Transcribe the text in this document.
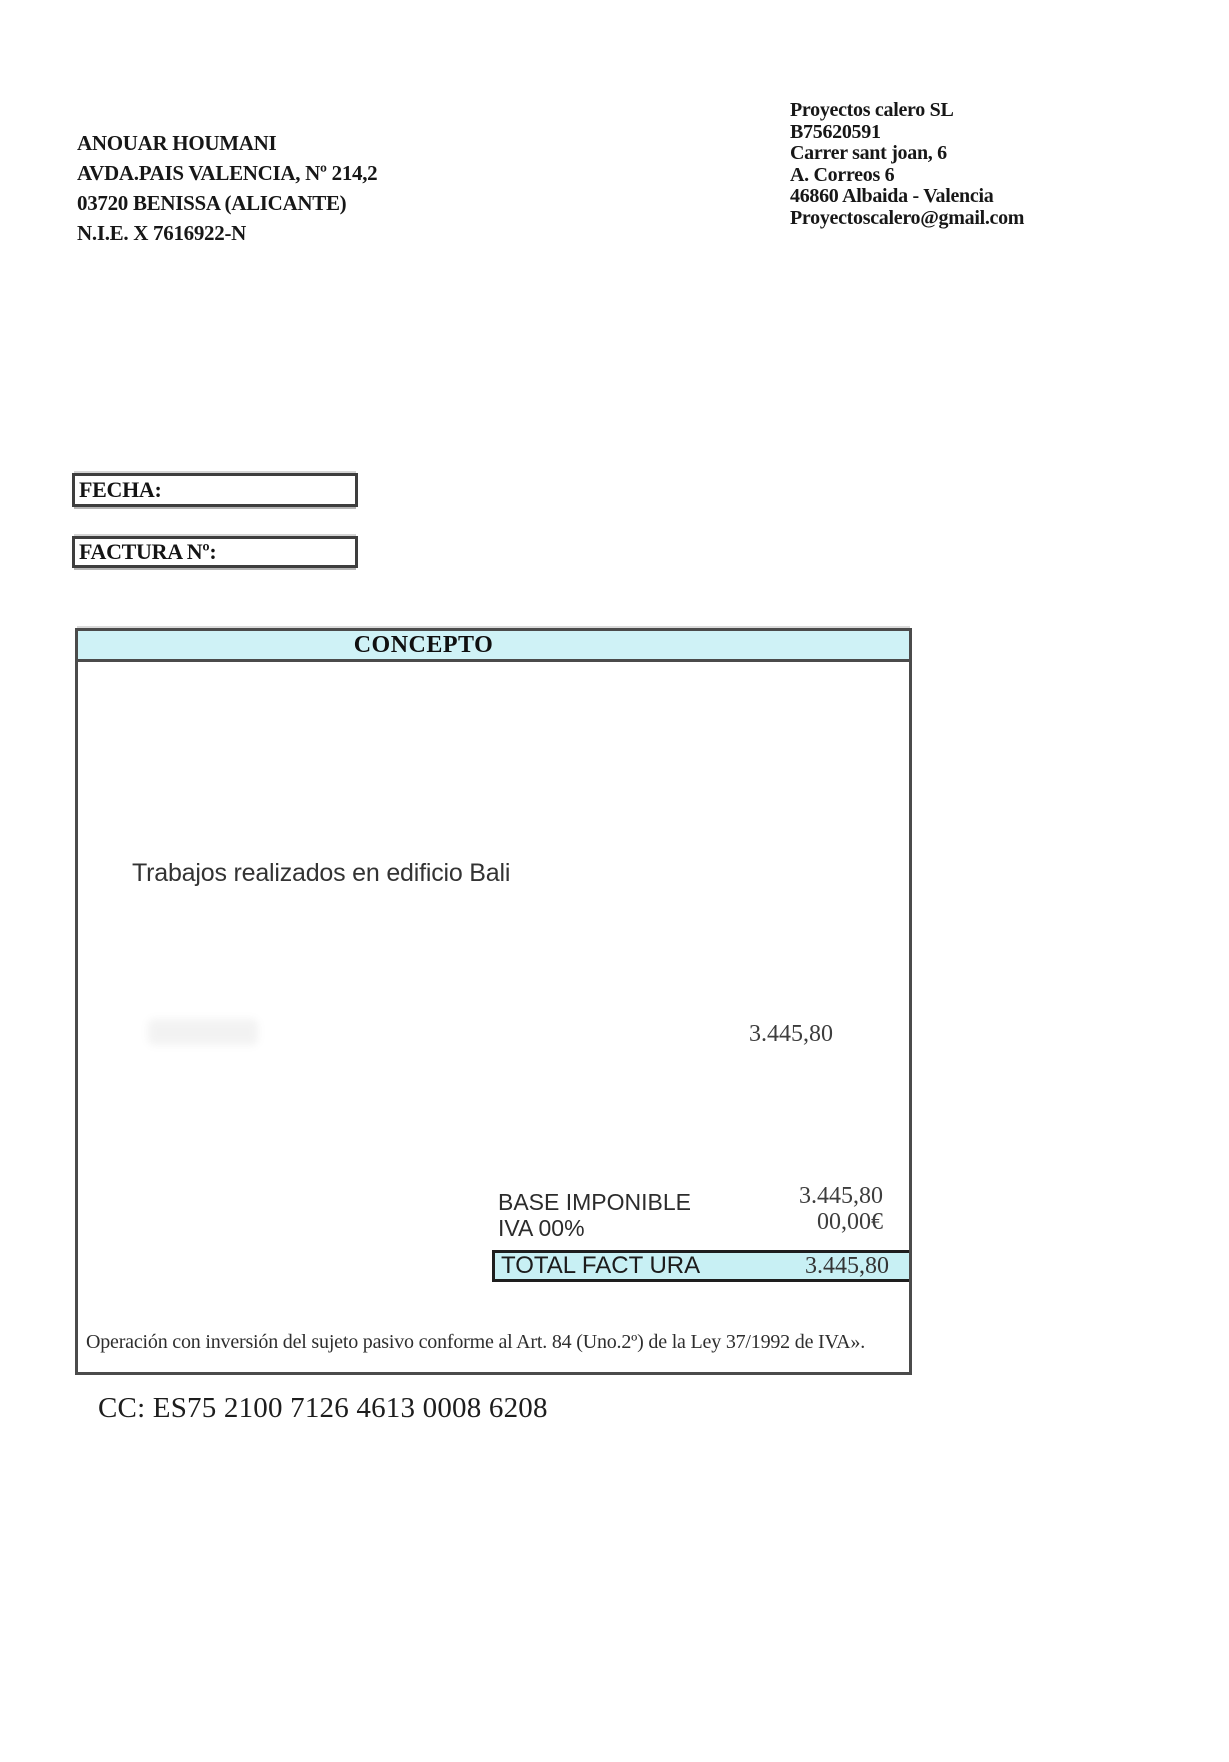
ANOUAR HOUMANI
AVDA.PAIS VALENCIA, Nº 214,2
03720 BENISSA (ALICANTE)
N.I.E. X 7616922-N
Proyectos calero SL
B75620591
Carrer sant joan, 6
A. Correos 6
46860 Albaida - Valencia
Proyectoscalero@gmail.com
FECHA:
FACTURA Nº:
CONCEPTO
Trabajos realizados en edificio Bali
3.445,80
BASE IMPONIBLE	3.445,80
IVA 00%	00,00€
TOTAL FACT URA	3.445,80
Operación con inversión del sujeto pasivo conforme al Art. 84 (Uno.2º) de la Ley 37/1992 de IVA».
CC: ES75 2100 7126 4613 0008 6208
